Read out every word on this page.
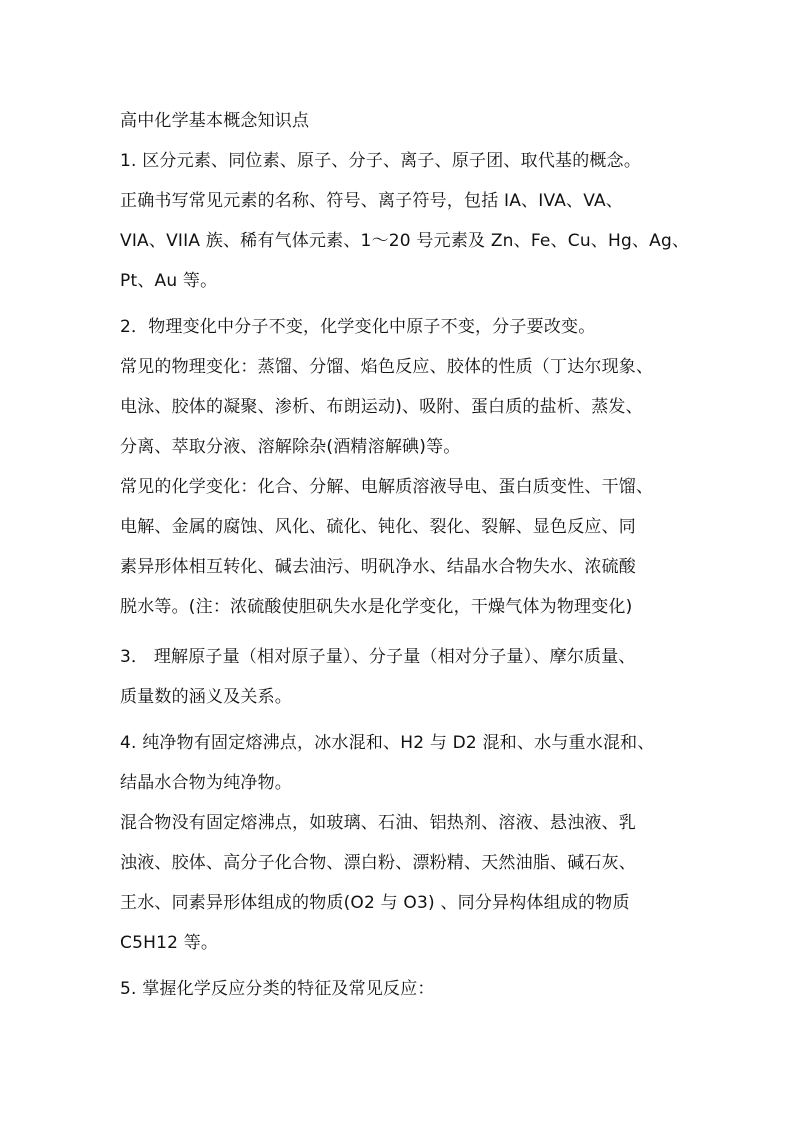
高中化学基本概念知识点
1. 区分元素、同位素、原子、分子、离子、原子团、取代基的概念。
正确书写常见元素的名称、符号、离子符号，包括 IA、IVA、VA、
VIA、VIIA 族、稀有气体元素、1～20 号元素及 Zn、Fe、Cu、Hg、Ag、
Pt、Au 等。
2．物理变化中分子不变，化学变化中原子不变，分子要改变。
常见的物理变化：蒸馏、分馏、焰色反应、胶体的性质（丁达尔现象、
电泳、胶体的凝聚、渗析、布朗运动)、吸附、蛋白质的盐析、蒸发、
分离、萃取分液、溶解除杂(酒精溶解碘)等。
常见的化学变化：化合、分解、电解质溶液导电、蛋白质变性、干馏、
电解、金属的腐蚀、风化、硫化、钝化、裂化、裂解、显色反应、同
素异形体相互转化、碱去油污、明矾净水、结晶水合物失水、浓硫酸
脱水等。(注：浓硫酸使胆矾失水是化学变化，干燥气体为物理变化)
3． 理解原子量（相对原子量）、分子量（相对分子量）、摩尔质量、
质量数的涵义及关系。
4. 纯净物有固定熔沸点，冰水混和、H2 与 D2 混和、水与重水混和、
结晶水合物为纯净物。
混合物没有固定熔沸点，如玻璃、石油、铝热剂、溶液、悬浊液、乳
浊液、胶体、高分子化合物、漂白粉、漂粉精、天然油脂、碱石灰、
王水、同素异形体组成的物质(O2 与 O3) 、同分异构体组成的物质
C5H12 等。
5. 掌握化学反应分类的特征及常见反应：
